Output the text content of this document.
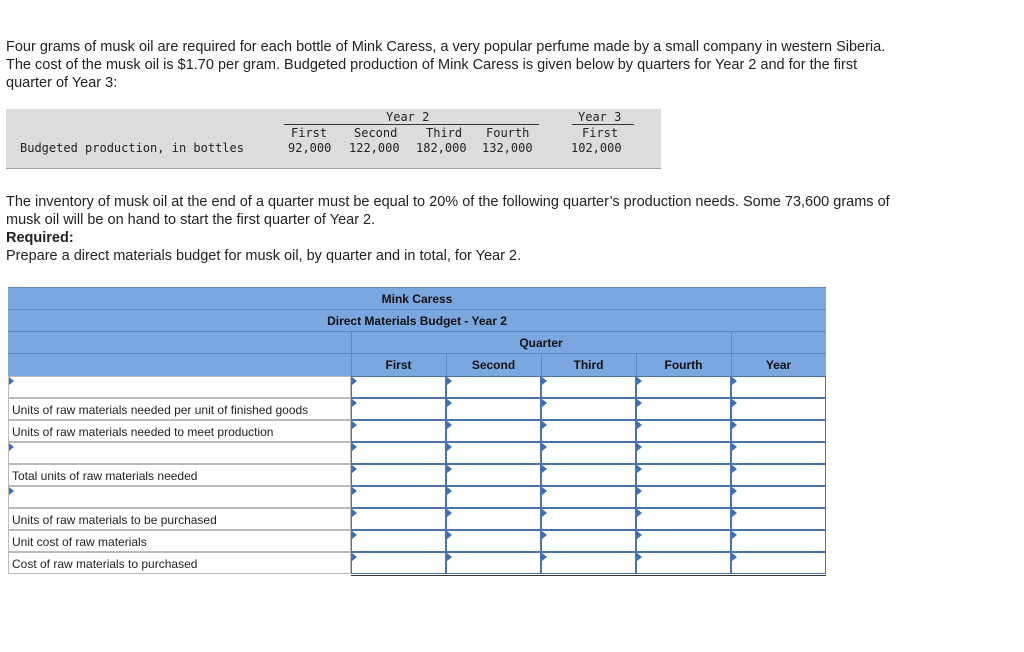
Four grams of musk oil are required for each bottle of Mink Caress, a very popular perfume made by a small company in western Siberia. The cost of the musk oil is $1.70 per gram. Budgeted production of Mink Caress is given below by quarters for Year 2 and for the first quarter of Year 3:

Year 2	Year 3
First Second Third Fourth	First
Budgeted production, in bottles	92,000 122,000 182,000 132,000	102,000
The inventory of musk oil at the end of a quarter must be equal to 20% of the following quarter’s production needs. Some 73,600 grams of musk oil will be on hand to start the first quarter of Year 2.
Required:
Prepare a direct materials budget for musk oil, by quarter and in total, for Year 2.
Mink Caress
Direct Materials Budget - Year 2
Quarter
First	Second	Third	Fourth	Year
Units of raw materials needed per unit of finished goods
Units of raw materials needed to meet production
Total units of raw materials needed
Units of raw materials to be purchased
Unit cost of raw materials
Cost of raw materials to purchased
